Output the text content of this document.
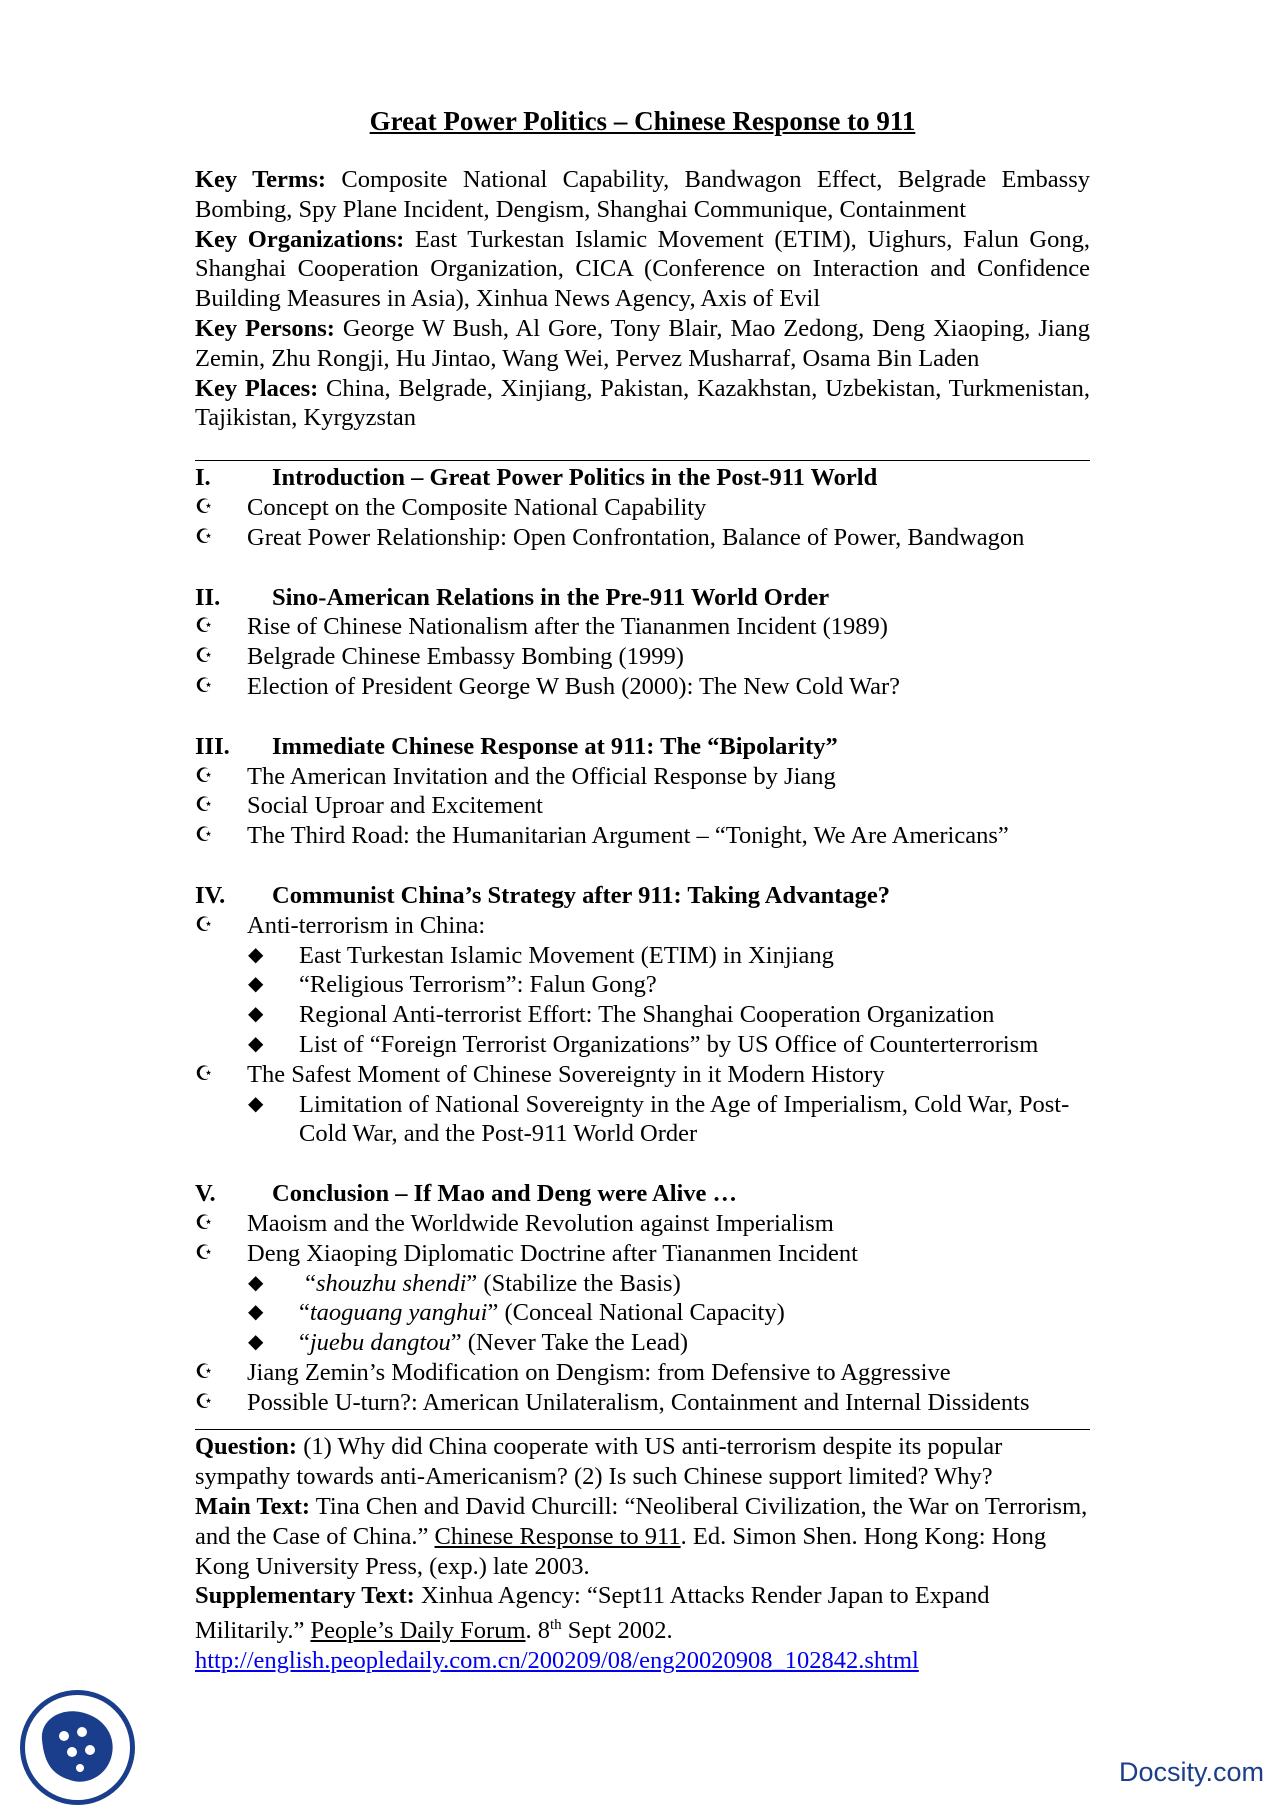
Great Power Politics – Chinese Response to 911

Key Terms: Composite National Capability, Bandwagon Effect, Belgrade Embassy Bombing, Spy Plane Incident, Dengism, Shanghai Communique, Containment

Key Organizations: East Turkestan Islamic Movement (ETIM), Uighurs, Falun Gong, Shanghai Cooperation Organization, CICA (Conference on Interaction and Confidence Building Measures in Asia), Xinhua News Agency, Axis of Evil

Key Persons: George W Bush, Al Gore, Tony Blair, Mao Zedong, Deng Xiaoping, Jiang Zemin, Zhu Rongji, Hu Jintao, Wang Wei, Pervez Musharraf, Osama Bin Laden

Key Places: China, Belgrade, Xinjiang, Pakistan, Kazakhstan, Uzbekistan, Turkmenistan, Tajikistan, Kyrgyzstan

I.	Introduction – Great Power Politics in the Post-911 World
☪	Concept on the Composite National Capability
☪	Great Power Relationship: Open Confrontation, Balance of Power, Bandwagon
II.	Sino-American Relations in the Pre-911 World Order
☪	Rise of Chinese Nationalism after the Tiananmen Incident (1989)
☪	Belgrade Chinese Embassy Bombing (1999)
☪	Election of President George W Bush (2000): The New Cold War?
III.	Immediate Chinese Response at 911: The “Bipolarity”
☪	The American Invitation and the Official Response by Jiang
☪	Social Uproar and Excitement
☪	The Third Road: the Humanitarian Argument – “Tonight, We Are Americans”
IV.	Communist China’s Strategy after 911: Taking Advantage?
☪	Anti-terrorism in China:
◆	East Turkestan Islamic Movement (ETIM) in Xinjiang
◆	“Religious Terrorism”: Falun Gong?
◆	Regional Anti-terrorist Effort: The Shanghai Cooperation Organization
◆	List of “Foreign Terrorist Organizations” by US Office of Counterterrorism
☪	The Safest Moment of Chinese Sovereignty in it Modern History
◆	Limitation of National Sovereignty in the Age of Imperialism, Cold War, Post-Cold War, and the Post-911 World Order
V.	Conclusion – If Mao and Deng were Alive …
☪	Maoism and the Worldwide Revolution against Imperialism
☪	Deng Xiaoping Diplomatic Doctrine after Tiananmen Incident
◆	“shouzhu shendi” (Stabilize the Basis)
◆	“taoguang yanghui” (Conceal National Capacity)
◆	“juebu dangtou” (Never Take the Lead)
☪	Jiang Zemin’s Modification on Dengism: from Defensive to Aggressive
☪	Possible U-turn?: American Unilateralism, Containment and Internal Dissidents

Question: (1) Why did China cooperate with US anti-terrorism despite its popular sympathy towards anti-Americanism? (2) Is such Chinese support limited? Why?

Main Text: Tina Chen and David Churcill: “Neoliberal Civilization, the War on Terrorism, and the Case of China.” Chinese Response to 911. Ed. Simon Shen. Hong Kong: Hong Kong University Press, (exp.) late 2003.

Supplementary Text: Xinhua Agency: “Sept11 Attacks Render Japan to Expand Militarily.” People’s Daily Forum. 8th Sept 2002. http://english.peopledaily.com.cn/200209/08/eng20020908_102842.shtml

Docsity.com
